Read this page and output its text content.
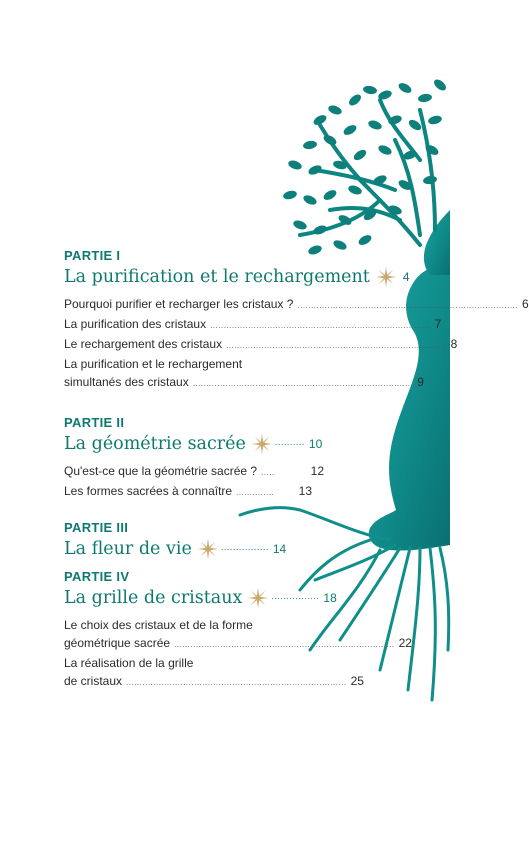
PARTIE I

La purification et le rechargement	4
Pourquoi purifier et recharger les cristaux ? ................................................................................. 6
La purification des cristaux ................................................................................. 7
Le rechargement des cristaux ................................................................................. 8
La purification et le rechargement
simultanés des cristaux ................................................................................. 9

PARTIE II

La géométrie sacrée	.......... 10
Qu'est-ce que la géométrie sacrée ? .....	12
Les formes sacrées à connaître ..............	13

PARTIE III

La fleur de vie	................ 14

PARTIE IV

La grille de cristaux	................ 18
Le choix des cristaux et de la forme
géométrique sacrée ................................................................................. 22
La réalisation de la grille
de cristaux ................................................................................. 25
